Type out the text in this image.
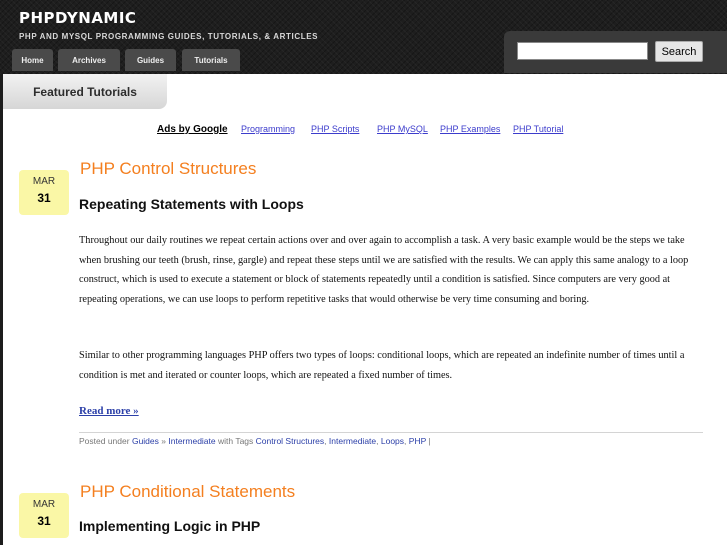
PHPDYNAMIC
PHP AND MYSQL PROGRAMMING GUIDES, TUTORIALS, & ARTICLES
Home	Archives	Guides	Tutorials
Search
Featured Tutorials
Ads by Google Programming PHP Scripts PHP MySQL PHP Examples PHP Tutorial
MAR
31
PHP Control Structures
Repeating Statements with Loops
Throughout our daily routines we repeat certain actions over and over again to accomplish a task. A very basic example would be the steps we take when brushing our teeth (brush, rinse, gargle) and repeat these steps until we are satisfied with the results. We can apply this same analogy to a loop construct, which is used to execute a statement or block of statements repeatedly until a condition is satisfied. Since computers are very good at repeating operations, we can use loops to perform repetitive tasks that would otherwise be very time consuming and boring.
Similar to other programming languages PHP offers two types of loops: conditional loops, which are repeated an indefinite number of times until a condition is met and iterated or counter loops, which are repeated a fixed number of times.
Read more »
Posted under Guides » Intermediate with Tags Control Structures, Intermediate, Loops, PHP |
MAR
31
PHP Conditional Statements
Implementing Logic in PHP
